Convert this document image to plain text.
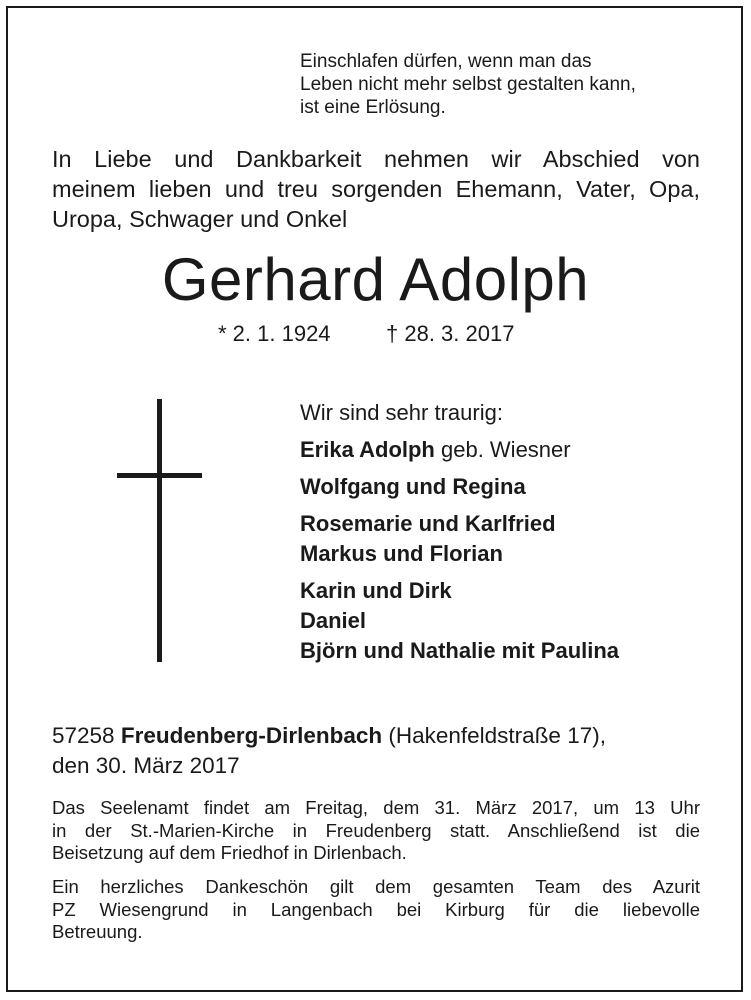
Einschlafen dürfen, wenn man das
Leben nicht mehr selbst gestalten kann,
ist eine Erlösung.
In Liebe und Dankbarkeit nehmen wir Abschied von
meinem lieben und treu sorgenden Ehemann, Vater, Opa,
Uropa, Schwager und Onkel
Gerhard Adolph
* 2. 1. 1924	† 28. 3. 2017
Wir sind sehr traurig:
Erika Adolph geb. Wiesner
Wolfgang und Regina
Rosemarie und Karlfried
Markus und Florian
Karin und Dirk
Daniel
Björn und Nathalie mit Paulina
57258 Freudenberg-Dirlenbach (Hakenfeldstraße 17),
den 30. März 2017
Das Seelenamt findet am Freitag, dem 31. März 2017, um 13 Uhr
in der St.-Marien-Kirche in Freudenberg statt. Anschließend ist die
Beisetzung auf dem Friedhof in Dirlenbach.
Ein herzliches Dankeschön gilt dem gesamten Team des Azurit
PZ Wiesengrund in Langenbach bei Kirburg für die liebevolle
Betreuung.
